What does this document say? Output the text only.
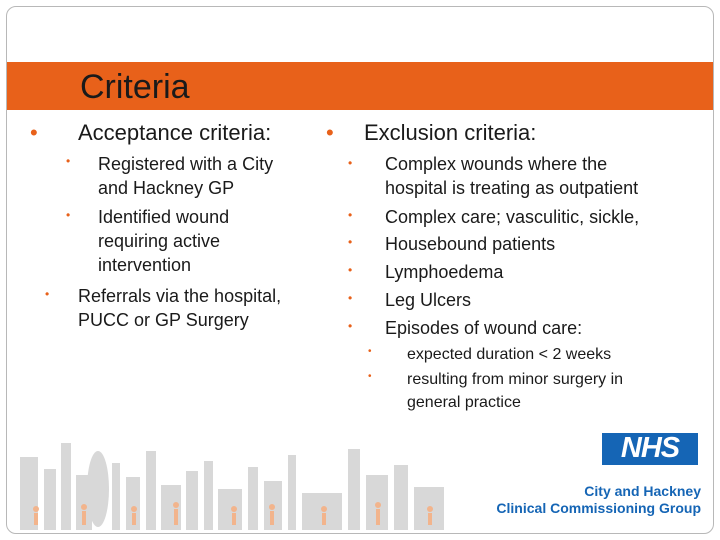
Criteria
• Acceptance criteria:
• Registered with a City
and Hackney GP
• Identified wound
requiring active
intervention
• Referrals via the hospital,
PUCC or GP Surgery
• Exclusion criteria:
• Complex wounds where the
hospital is treating as outpatient
• Complex care; vasculitic, sickle,
• Housebound patients
• Lymphoedema
• Leg Ulcers
• Episodes of wound care:
• expected duration < 2 weeks
• resulting from minor surgery in
general practice
NHS
City and Hackney
Clinical Commissioning Group
